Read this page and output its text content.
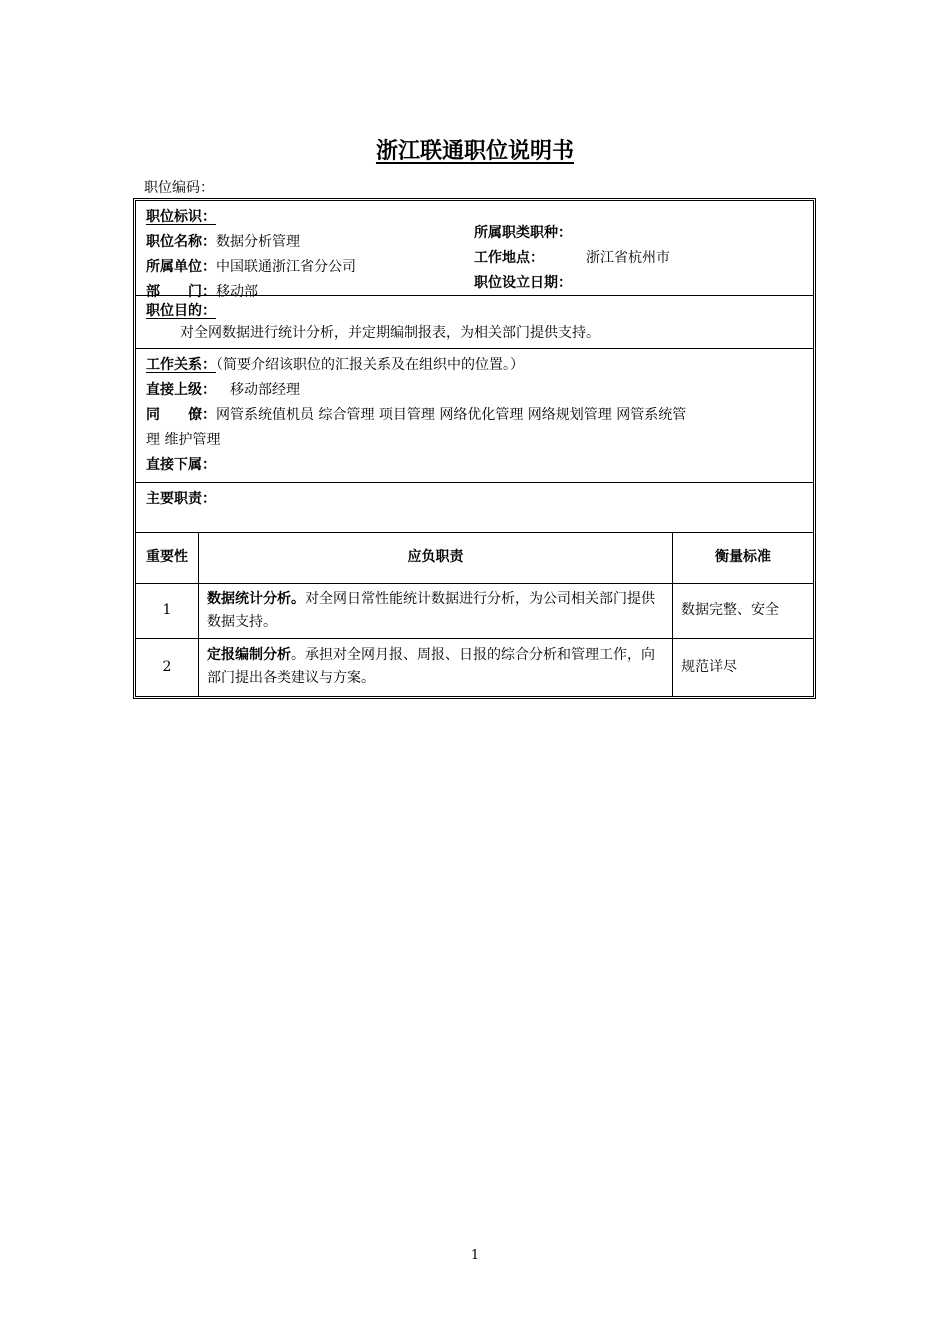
浙江联通职位说明书
职位编码：
职位标识：
职位名称：数据分析管理
所属单位：中国联通浙江省分公司
部　　门：移动部
所属职类职种：
工作地点：	浙江省杭州市
职位设立日期：
职位目的：
对全网数据进行统计分析，并定期编制报表，为相关部门提供支持。
工作关系：（简要介绍该职位的汇报关系及在组织中的位置。）
直接上级： 移动部经理
同　　僚：网管系统值机员 综合管理 项目管理 网络优化管理 网络规划管理 网管系统管
理 维护管理
直接下属：
主要职责：
重要性	应负职责	衡量标准
1	数据统计分析。对全网日常性能统计数据进行分析，为公司相关部门提供数据支持。	数据完整、安全
2	定报编制分析。承担对全网月报、周报、日报的综合分析和管理工作，向部门提出各类建议与方案。	规范详尽
1
